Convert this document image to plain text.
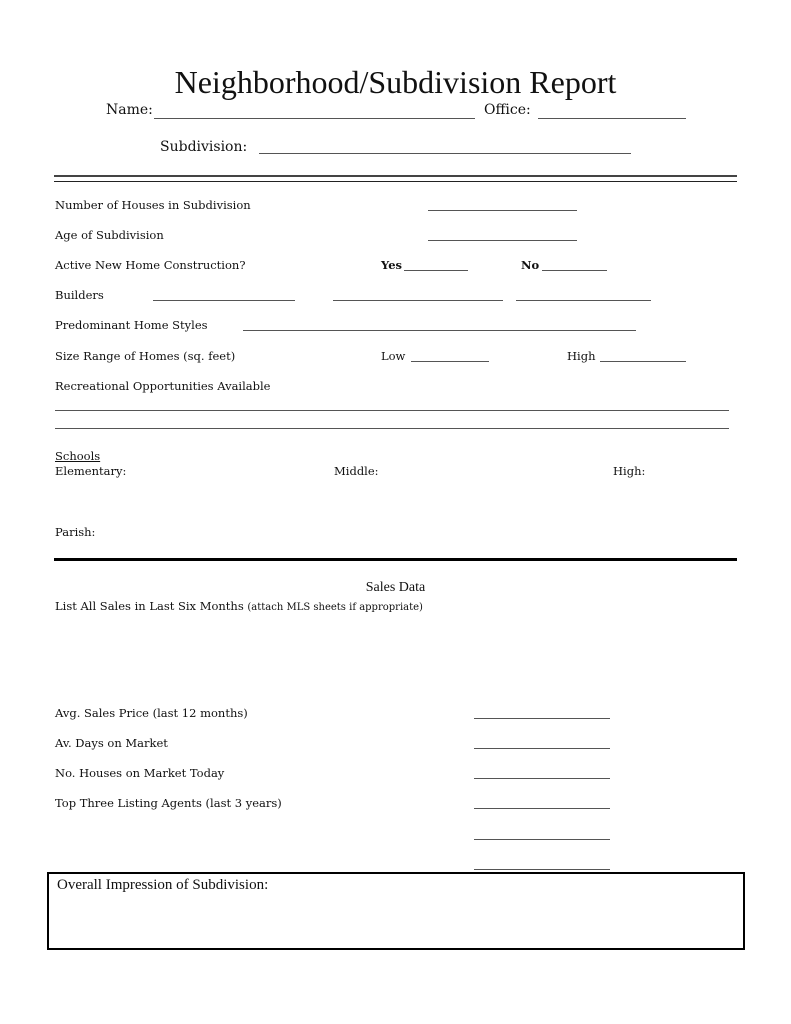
Neighborhood/Subdivision Report
Name:	Office:
Subdivision:
Number of Houses in Subdivision
Age of Subdivision
Active New Home Construction?	Yes	No
Builders
Predominant Home Styles
Size Range of Homes (sq. feet)	Low	High
Recreational Opportunities Available
Schools
Elementary:	Middle:	High:
Parish:
Sales Data
List All Sales in Last Six Months (attach MLS sheets if appropriate)
Avg. Sales Price (last 12 months)
Av. Days on Market
No. Houses on Market Today
Top Three Listing Agents (last 3 years)
Overall Impression of Subdivision:
